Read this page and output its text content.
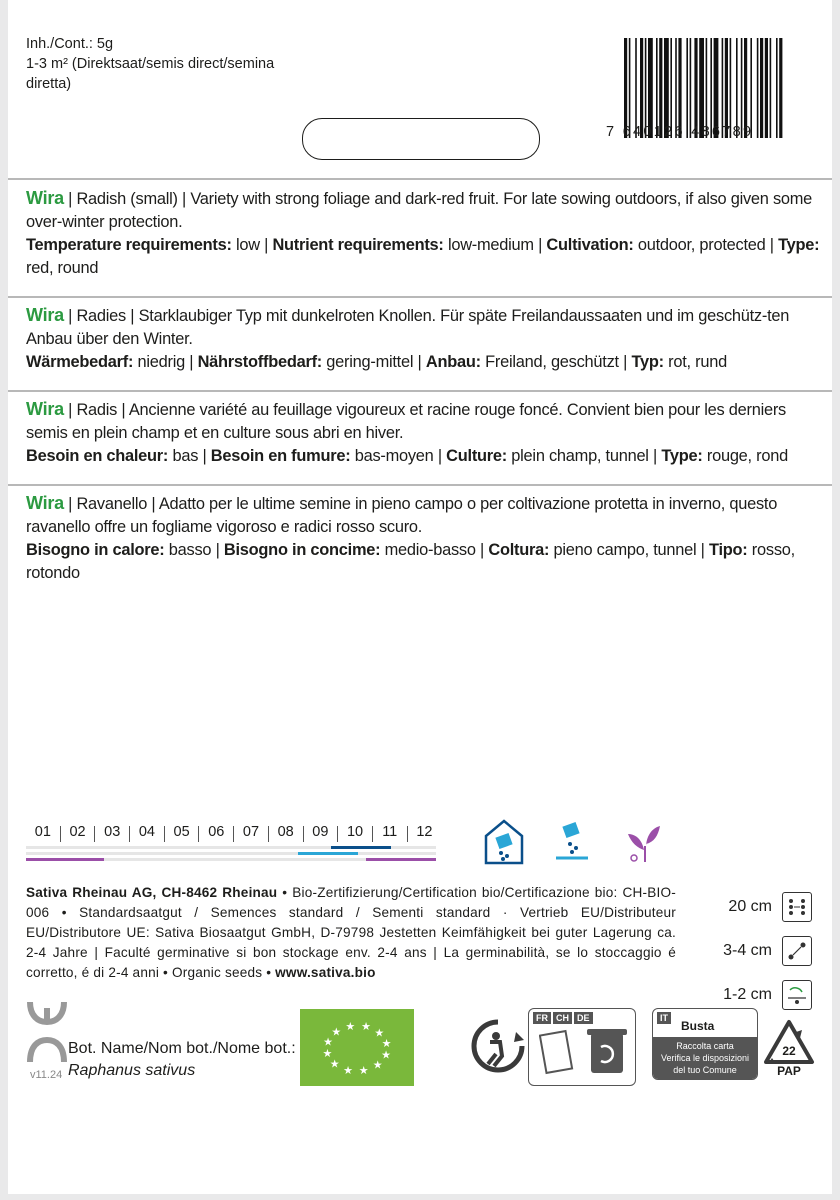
Inh./Cont.: 5g
1-3 m² (Direktsaat/semis direct/semina
diretta)
7 640126 486789

Wira | Radish (small) | Variety with strong foliage and dark-red fruit. For late sowing outdoors, if also given some over-winter protection.

Temperature requirements: low | Nutrient requirements: low-medium | Cultivation: outdoor, protected | Type: red, round

Wira | Radies | Starklaubiger Typ mit dunkelroten Knollen. Für späte Freilandaussaaten und im geschütz-ten Anbau über den Winter.

Wärmebedarf: niedrig | Nährstoffbedarf: gering-mittel | Anbau: Freiland, geschützt | Typ: rot, rund

Wira | Radis | Ancienne variété au feuillage vigoureux et racine rouge foncé. Convient bien pour les derniers semis en plein champ et en culture sous abri en hiver.

Besoin en chaleur: bas | Besoin en fumure: bas-moyen | Culture: plein champ, tunnel | Type: rouge, rond

Wira | Ravanello | Adatto per le ultime semine in pieno campo o per coltivazione protetta in inverno, questo ravanello offre un fogliame vigoroso e radici rosso scuro.

Bisogno in calore: basso | Bisogno in concime: medio-basso | Coltura: pieno campo, tunnel | Tipo: rosso, rotondo

01	02	03	04	05	06	07	08	09	10	11	12
Sativa Rheinau AG, CH-8462 Rheinau • Bio-Zertifizierung/Certification bio/Certificazione bio: CH-BIO-006 • Standardsaatgut / Semences standard / Sementi standard · Vertrieb EU/Distributeur EU/Distributore UE: Sativa Biosaatgut GmbH, D-79798 Jestetten Keimfähigkeit bei guter Lagerung ca. 2-4 Jahre | Faculté germinative si bon stockage env. 2-4 ans | La germinabilità, se lo stoccaggio é corretto, é di 2-4 anni • Organic seeds • www.sativa.bio
20 cm
3-4 cm
1-2 cm
v11.24
Bot. Name/Nom bot./Nome bot.:
Raphanus sativus
★
★
★
★
★
★
★
★ ★ ★
★
★
FR CH DE	IT
Busta
Raccolta carta
Verifica le disposizioni
del tuo Comune
22
PAP
